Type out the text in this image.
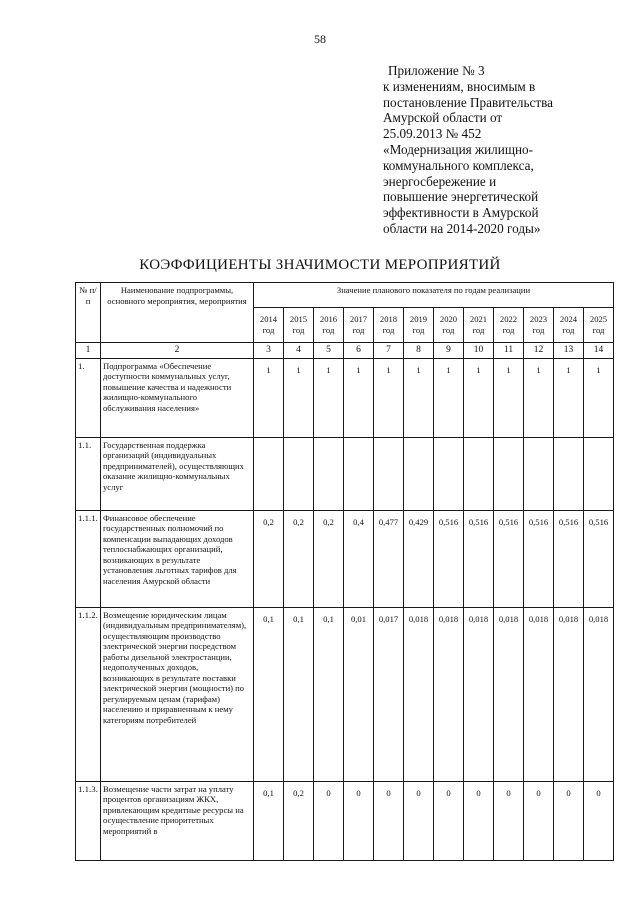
58
Приложение № 3
к изменениям, вносимым в
постановление Правительства
Амурской области от
25.09.2013 № 452
«Модернизация жилищно-
коммунального комплекса,
энергосбережение и
повышение энергетической
эффективности в Амурской
области на 2014-2020 годы»
КОЭФФИЦИЕНТЫ ЗНАЧИМОСТИ МЕРОПРИЯТИЙ
№ п/п	Наименование подпрограммы, основного мероприятия, мероприятия	Значение планового показателя по годам реализации											
		2014 год	2015 год	2016 год	2017 год	2018 год	2019 год	2020 год	2021 год	2022 год	2023 год	2024 год	2025 год
1	2	3	4	5	6	7	8	9	10	11	12	13	14
1.	Подпрограмма «Обеспечение доступности коммунальных услуг, повышение качества и надежности жилищно-коммунального обслуживания населения»	1	1	1	1	1	1	1	1	1	1	1	1
1.1.	Государственная поддержка организаций (индивидуальных предпринимателей), осуществляющих оказание жилищно-коммунальных услуг												
1.1.1.	Финансовое обеспечение государственных полномочий по компенсации выпадающих доходов теплоснабжающих организаций, возникающих в результате установления льготных тарифов для населения Амурской области	0,2	0,2	0,2	0,4	0,477	0,429	0,516	0,516	0,516	0,516	0,516	0,516
1.1.2.	Возмещение юридическим лицам (индивидуальным предпринимателям), осуществляющим производство электрической энергии посредством работы дизельной электростанции, недополученных доходов, возникающих в результате поставки электрической энергии (мощности) по регулируемым ценам (тарифам) населению и приравненным к нему категориям потребителей	0,1	0,1	0,1	0,01	0,017	0,018	0,018	0,018	0,018	0,018	0,018	0,018
1.1.3.	Возмещение части затрат на уплату процентов организациям ЖКХ, привлекающим кредитные ресурсы на осуществление приоритетных мероприятий в	0,1	0,2	0	0	0	0	0	0	0	0	0	0
